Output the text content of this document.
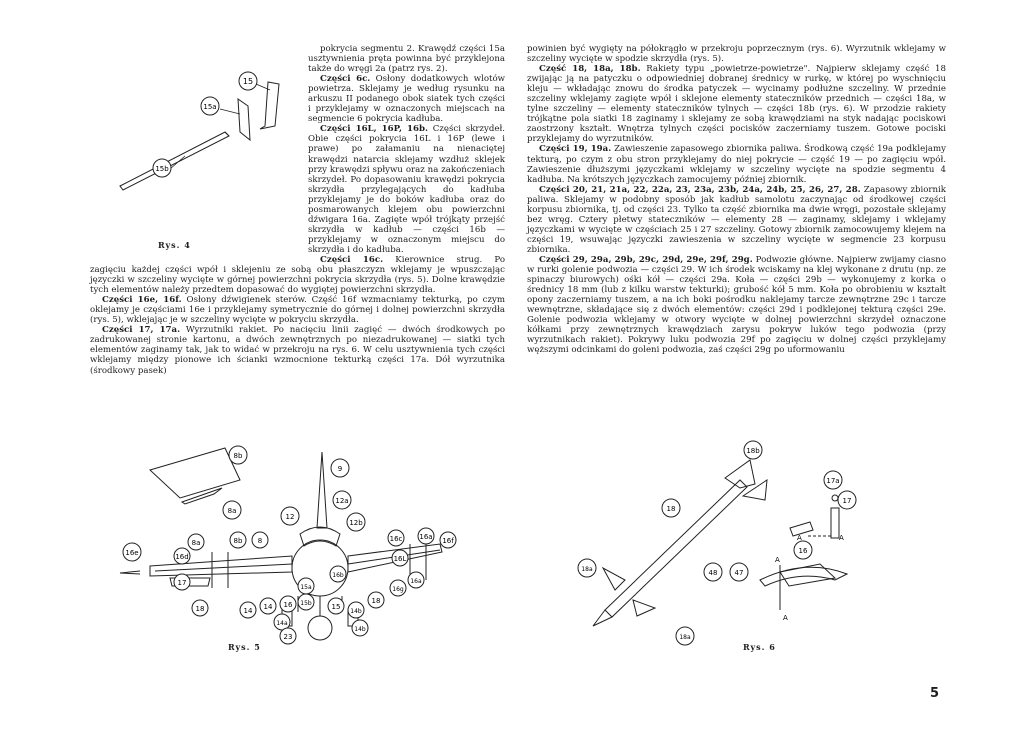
15
15a
15b
Rys. 4

pokrycia segmentu 2. Krawędź części 15a usztywnienia pręta powinna być przyklejona także do wręgi 2a (patrz rys. 2).

Części 6c. Osłony dodatkowych wlotów powietrza. Sklejamy je według rysunku na arkuszu II podanego obok siatek tych części i przyklejamy w oznaczonych miejscach na segmencie 6 pokrycia kadłuba.

Części 16L, 16P, 16b. Części skrzydeł. Obie części pokrycia 16L i 16P (lewe i prawe) po załamaniu na nienaciętej krawędzi natarcia sklejamy wzdłuż sklejek przy krawędzi spływu oraz na zakończeniach skrzydeł. Po dopasowaniu krawędzi pokrycia skrzydła przylegających do kadłuba przyklejamy je do boków kadłuba oraz do posmarowanych klejem obu powierzchni dźwigara 16a. Zagięte wpół trójkąty przejść skrzydła w kadłub — części 16b — przyklejamy w oznaczonym miejscu do skrzydła i do kadłuba.

Części 16c. Kierownice strug. Po zagięciu każdej części wpół i sklejeniu ze sobą obu płaszczyzn wklejamy je wpuszczając języczki w szczeliny wycięte w górnej powierzchni pokrycia skrzydła (rys. 5). Dolne krawędzie tych elementów należy przedtem dopasować do wygiętej powierzchni skrzydła.

Części 16e, 16f. Osłony dźwigienek sterów. Część 16f wzmacniamy tekturką, po czym oklejamy je częściami 16e i przyklejamy symetrycznie do górnej i dolnej powierzchni skrzydła (rys. 5), wklejając je w szczeliny wycięte w pokryciu skrzydła.

Części 17, 17a. Wyrzutniki rakiet. Po nacięciu linii zagięć — dwóch środkowych po zadrukowanej stronie kartonu, a dwóch zewnętrznych po niezadrukowanej — siatki tych elementów zaginamy tak, jak to widać w przekroju na rys. 6. W celu usztywnienia tych części wklejamy między pionowe ich ścianki wzmocnione tekturką części 17a. Dół wyrzutnika (środkowy pasek)

powinien być wygięty na półokrągło w przekroju poprzecznym (rys. 6). Wyrzutnik wklejamy w szczeliny wycięte w spodzie skrzydła (rys. 5).

Część 18, 18a, 18b. Rakiety typu „powietrze-powietrze". Najpierw sklejamy część 18 zwijając ją na patyczku o odpowiedniej dobranej średnicy w rurkę, w której po wyschnięciu kleju — wkładając znowu do środka patyczek — wycinamy podłużne szczeliny. W przednie szczeliny wklejamy zagięte wpół i sklejone elementy stateczników przednich — części 18a, w tylne szczeliny — elementy stateczników tylnych — części 18b (rys. 6). W przodzie rakiety trójkątne pola siatki 18 zaginamy i sklejamy ze sobą krawędziami na styk nadając pociskowi zaostrzony kształt. Wnętrza tylnych części pocisków zaczerniamy tuszem. Gotowe pociski przyklejamy do wyrzutników.

Części 19, 19a. Zawieszenie zapasowego zbiornika paliwa. Środkową część 19a podklejamy tekturą, po czym z obu stron przyklejamy do niej pokrycie — część 19 — po zagięciu wpół. Zawieszenie dłuższymi języczkami wklejamy w szczeliny wycięte na spodzie segmentu 4 kadłuba. Na krótszych języczkach zamocujemy później zbiornik.

Części 20, 21, 21a, 22, 22a, 23, 23a, 23b, 24a, 24b, 25, 26, 27, 28. Zapasowy zbiornik paliwa. Sklejamy w podobny sposób jak kadłub samolotu zaczynając od środkowej części korpusu zbiornika, tj. od części 23. Tylko ta część zbiornika ma dwie wręgi, pozostałe sklejamy bez wręg. Cztery płetwy stateczników — elementy 28 — zaginamy, sklejamy i wklejamy języczkami w wycięte w częściach 25 i 27 szczeliny. Gotowy zbiornik zamocowujemy klejem na części 19, wsuwając języczki zawieszenia w szczeliny wycięte w segmencie 23 korpusu zbiornika.

Części 29, 29a, 29b, 29c, 29d, 29e, 29f, 29g. Podwozie główne. Najpierw zwijamy ciasno w rurki golenie podwozia — części 29. W ich środek wciskamy na klej wykonane z drutu (np. ze spinaczy biurowych) ośki kół — części 29a. Koła — części 29b — wykonujemy z korka o średnicy 18 mm (lub z kilku warstw tekturki); grubość kół 5 mm. Koła po obrobieniu w kształt opony zaczerniamy tuszem, a na ich boki pośrodku naklejamy tarcze zewnętrzne 29c i tarcze wewnętrzne, składające się z dwóch elementów: części 29d i podklejonej tekturą części 29e. Golenie podwozia wklejamy w otwory wycięte w dolnej powierzchni skrzydeł oznaczone kółkami przy zewnętrznych krawędziach zarysu pokryw luków tego podwozia (przy wyrzutnikach rakiet). Pokrywy luku podwozia 29f po zagięciu w dolnej części przyklejamy węższymi odcinkami do goleni podwozia, zaś części 29g po uformowaniu

8b
8a
9
12a
12
12b
16e	16d
8a	8b 8	16c 16a 16f
16L
17
18	14
15a
15b
16b
16
14	15
14b
16g
16a
18
14a
14b
23
Rys. 5
18b
17a
17
18
18a
18a
48 47
16
A	A
A
A
Rys. 6
5
